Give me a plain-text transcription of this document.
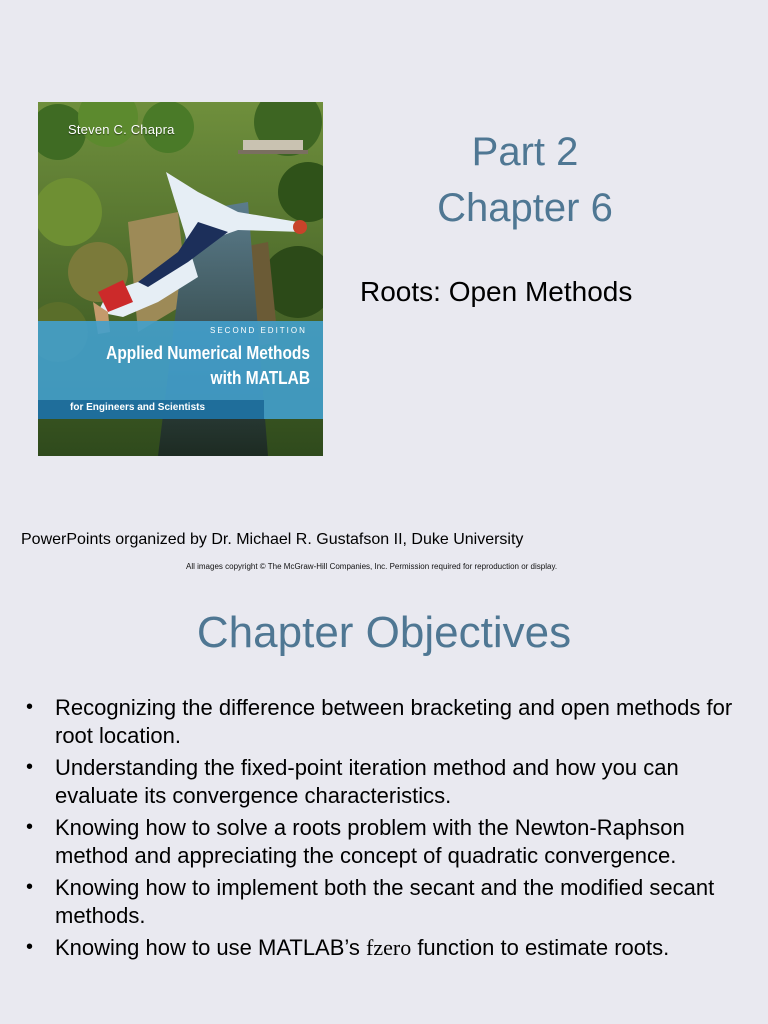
Steven C. Chapra
SECOND EDITION
Applied Numerical Methods
with MATLAB
for Engineers and Scientists
Part 2
Chapter 6
Roots: Open Methods
PowerPoints organized by Dr. Michael R. Gustafson II, Duke University
All images copyright © The McGraw-Hill Companies, Inc. Permission required for reproduction or display.
Chapter Objectives
• Recognizing the difference between bracketing and open methods for root location.
• Understanding the fixed-point iteration method and how you can evaluate its convergence characteristics.
• Knowing how to solve a roots problem with the Newton-Raphson method and appreciating the concept of quadratic convergence.
• Knowing how to implement both the secant and the modified secant methods.
• Knowing how to use MATLAB’s fzero function to estimate roots.
